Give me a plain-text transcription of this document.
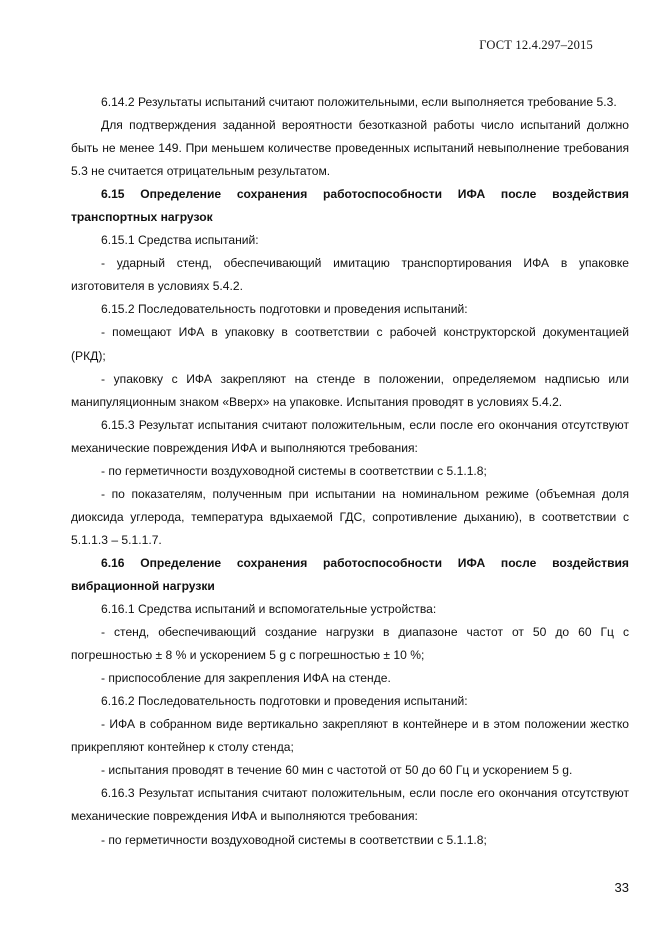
ГОСТ 12.4.297–2015

6.14.2 Результаты испытаний считают положительными, если выполняется требование 5.3.

Для подтверждения заданной вероятности безотказной работы число испытаний должно быть не менее 149. При меньшем количестве проведенных испытаний невыполнение требования 5.3 не считается отрицательным результатом.

6.15 Определение сохранения работоспособности ИФА после воздействия транспортных нагрузок

6.15.1 Средства испытаний:

- ударный стенд, обеспечивающий имитацию транспортирования ИФА в упаковке изготовителя в условиях 5.4.2.

6.15.2 Последовательность подготовки и проведения испытаний:

- помещают ИФА в упаковку в соответствии с рабочей конструкторской документацией (РКД);

- упаковку с ИФА закрепляют на стенде в положении, определяемом надписью или манипуляционным знаком «Вверх» на упаковке. Испытания проводят в условиях 5.4.2.

6.15.3 Результат испытания считают положительным, если после его окончания отсутствуют механические повреждения ИФА и выполняются требования:

- по герметичности воздуховодной системы в соответствии с 5.1.1.8;

- по показателям, полученным при испытании на номинальном режиме (объемная доля диоксида углерода, температура вдыхаемой ГДС, сопротивление дыханию), в соответствии с 5.1.1.3 – 5.1.1.7.

6.16 Определение сохранения работоспособности ИФА после воздействия вибрационной нагрузки

6.16.1 Средства испытаний и вспомогательные устройства:

- стенд, обеспечивающий создание нагрузки в диапазоне частот от 50 до 60 Гц с погрешностью ± 8 % и ускорением 5 g с погрешностью ± 10 %;

- приспособление для закрепления ИФА на стенде.

6.16.2 Последовательность подготовки и проведения испытаний:

- ИФА в собранном виде вертикально закрепляют в контейнере и в этом положении жестко прикрепляют контейнер к столу стенда;

- испытания проводят в течение 60 мин с частотой от 50 до 60 Гц и ускорением 5 g.

6.16.3 Результат испытания считают положительным, если после его окончания отсутствуют механические повреждения ИФА и выполняются требования:

- по герметичности воздуховодной системы в соответствии с 5.1.1.8;

33
